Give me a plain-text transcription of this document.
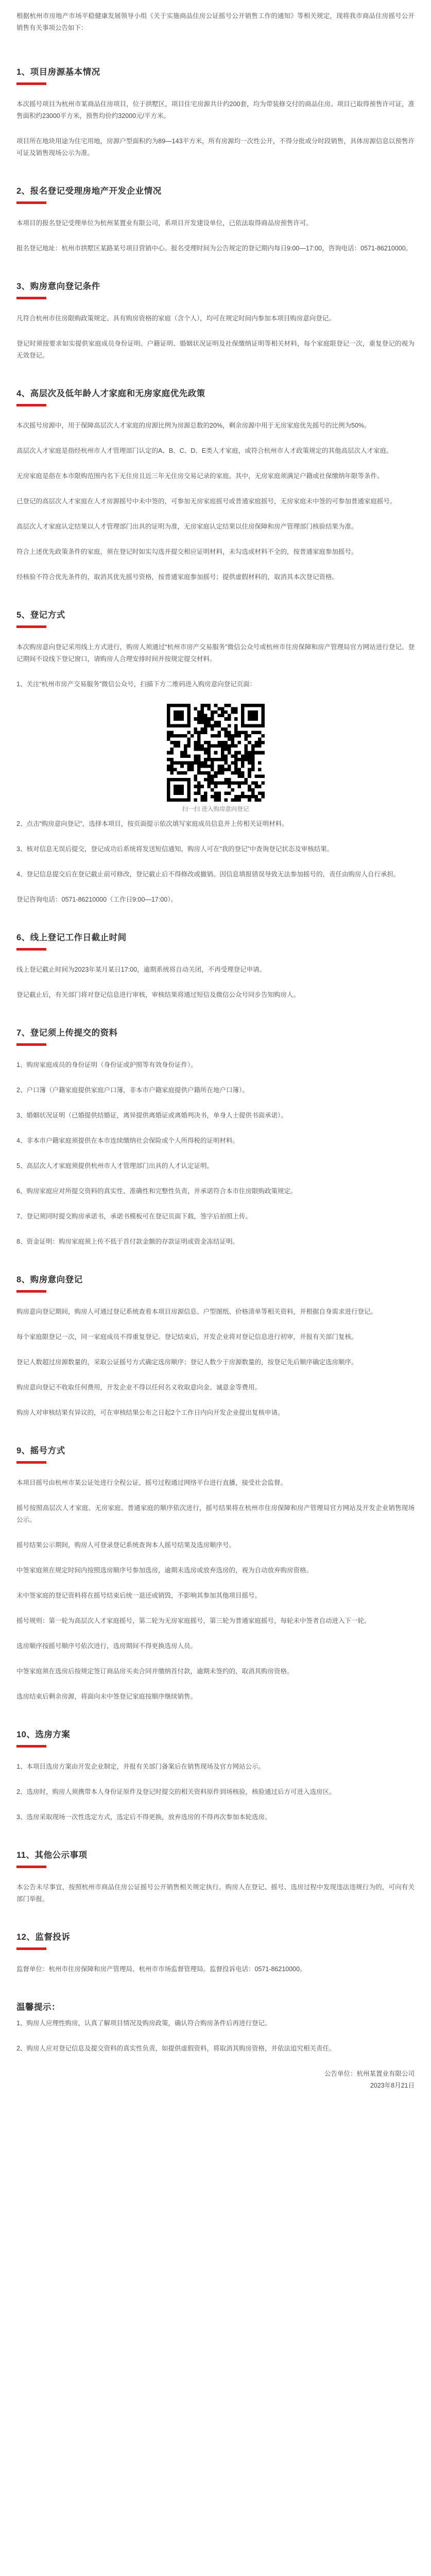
根据杭州市房地产市场平稳健康发展领导小组《关于实施商品住房公证摇号公开销售工作的通知》等相关规定，现将我市商品住房摇号公开销售有关事项公告如下：

1、项目房源基本情况

本次摇号项目为杭州市某商品住房项目，位于拱墅区，项目住宅房源共计约200套，均为带装修交付的商品住房。项目已取得预售许可证，准售面积约23000平方米，预售均价约32000元/平方米。

项目所在地块用途为住宅用地，房源户型面积约为89—143平方米，所有房源均一次性公开，不得分批或分时段销售，具体房源信息以预售许可证及销售现场公示为准。

2、报名登记受理房地产开发企业情况

本项目的报名登记受理单位为杭州某置业有限公司，系项目开发建设单位，已依法取得商品房预售许可。

报名登记地址：杭州市拱墅区某路某号项目营销中心。报名受理时间为公告规定的登记期内每日9:00—17:00，咨询电话：0571-86210000。

3、购房意向登记条件

凡符合杭州市住房限购政策规定、具有购房资格的家庭（含个人），均可在规定时间内参加本项目购房意向登记。

登记时须按要求如实提供家庭成员身份证明、户籍证明、婚姻状况证明及社保缴纳证明等相关材料，每个家庭限登记一次，重复登记的视为无效登记。

4、高层次及低年龄人才家庭和无房家庭优先政策

本次摇号房源中，用于保障高层次人才家庭的房源比例为房源总数的20%，剩余房源中用于无房家庭优先摇号的比例为50%。

高层次人才家庭是指经杭州市人才管理部门认定的A、B、C、D、E类人才家庭，或符合杭州市人才政策规定的其他高层次人才家庭。

无房家庭是指在本市限购范围内名下无住房且近三年无住房交易记录的家庭。其中，无房家庭须满足户籍或社保缴纳年限等条件。

已登记的高层次人才家庭在人才房源摇号中未中签的，可参加无房家庭摇号或普通家庭摇号，无房家庭未中签的可参加普通家庭摇号。

高层次人才家庭认定结果以人才管理部门出具的证明为准，无房家庭认定结果以住房保障和房产管理部门核验结果为准。

符合上述优先政策条件的家庭，须在登记时如实勾选并提交相应证明材料，未勾选或材料不全的，按普通家庭参加摇号。

经核验不符合优先条件的，取消其优先摇号资格，按普通家庭参加摇号；提供虚假材料的，取消其本次登记资格。

5、登记方式

本次购房意向登记采用线上方式进行，购房人须通过“杭州市房产交易服务”微信公众号或杭州市住房保障和房产管理局官方网站进行登记。登记期间不设线下登记窗口，请购房人合理安排时间并按规定提交材料。

1、关注“杭州市房产交易服务”微信公众号，扫描下方二维码进入购房意向登记页面：

扫一扫 进入购房意向登记

2、点击“购房意向登记”，选择本项目，按页面提示依次填写家庭成员信息并上传相关证明材料。

3、核对信息无误后提交，登记成功后系统将发送短信通知，购房人可在“我的登记”中查询登记状态及审核结果。

4、登记信息提交后在登记截止前可修改，登记截止后不得修改或撤销。因信息填报错误导致无法参加摇号的，责任由购房人自行承担。

登记咨询电话：0571-86210000（工作日9:00—17:00）。

6、线上登记工作日截止时间

线上登记截止时间为2023年某月某日17:00，逾期系统将自动关闭，不再受理登记申请。

登记截止后，有关部门将对登记信息进行审核，审核结果将通过短信及微信公众号同步告知购房人。

7、登记须上传提交的资料

1、购房家庭成员的身份证明（身份证或护照等有效身份证件）。

2、户口簿（户籍家庭提供家庭户口簿，非本市户籍家庭提供户籍所在地户口簿）。

3、婚姻状况证明（已婚提供结婚证，离异提供离婚证或离婚判决书，单身人士提供书面承诺）。

4、非本市户籍家庭须提供在本市连续缴纳社会保险或个人所得税的证明材料。

5、高层次人才家庭须提供杭州市人才管理部门出具的人才认定证明。

6、购房家庭应对所提交资料的真实性、准确性和完整性负责，并承诺符合本市住房限购政策规定。

7、登记须同时提交购房承诺书，承诺书模板可在登记页面下载，签字后拍照上传。

8、资金证明：购房家庭须上传不低于首付款金额的存款证明或资金冻结证明。

8、购房意向登记

购房意向登记期间，购房人可通过登记系统查看本项目房源信息、户型图纸、价格清单等相关资料，并根据自身需求进行登记。

每个家庭限登记一次，同一家庭成员不得重复登记。登记结束后，开发企业将对登记信息进行初审，并报有关部门复核。

登记人数超过房源数量的，采取公证摇号方式确定选房顺序；登记人数少于房源数量的，按登记先后顺序确定选房顺序。

购房意向登记不收取任何费用，开发企业不得以任何名义收取意向金、诚意金等费用。

购房人对审核结果有异议的，可在审核结果公布之日起2个工作日内向开发企业提出复核申请。

9、摇号方式

本项目摇号由杭州市某公证处进行全程公证，摇号过程通过网络平台进行直播，接受社会监督。

摇号按照高层次人才家庭、无房家庭、普通家庭的顺序依次进行，摇号结果将在杭州市住房保障和房产管理局官方网站及开发企业销售现场公示。

摇号结果公示期间，购房人可登录登记系统查询本人摇号结果及选房顺序号。

中签家庭须在规定时间内按照选房顺序号参加选房，逾期未选房或放弃选房的，视为自动放弃购房资格。

未中签家庭的登记资料将在摇号结束后统一退还或销毁，不影响其参加其他项目摇号。

摇号规则：第一轮为高层次人才家庭摇号，第二轮为无房家庭摇号，第三轮为普通家庭摇号，每轮未中签者自动进入下一轮。

选房顺序按摇号顺序号依次进行，选房期间不得更换选房人员。

中签家庭须在选房后按规定签订商品房买卖合同并缴纳首付款，逾期未签约的，取消其购房资格。

选房结束后剩余房源，将面向未中签登记家庭按顺序继续销售。

10、选房方案

1、本项目选房方案由开发企业制定，并报有关部门备案后在销售现场及官方网站公示。

2、选房时，购房人须携带本人身份证原件及登记时提交的相关资料原件到场核验，核验通过后方可进入选房区。

3、选房采取现场一次性选定方式，选定后不得更换，放弃选房的不得再次参加本轮选房。

11、其他公示事项

本公告未尽事宜，按照杭州市商品住房公证摇号公开销售相关规定执行。购房人在登记、摇号、选房过程中发现违法违规行为的，可向有关部门举报。

12、监督投诉

监督单位：杭州市住房保障和房产管理局、杭州市市场监督管理局。监督投诉电话：0571-86210000。

温馨提示：

1、购房人应理性购房，认真了解项目情况及购房政策，确认符合购房条件后再进行登记。

2、购房人应对登记信息及提交资料的真实性负责，如提供虚假资料，将取消其购房资格，并依法追究相关责任。

公告单位：杭州某置业有限公司
2023年8月21日
